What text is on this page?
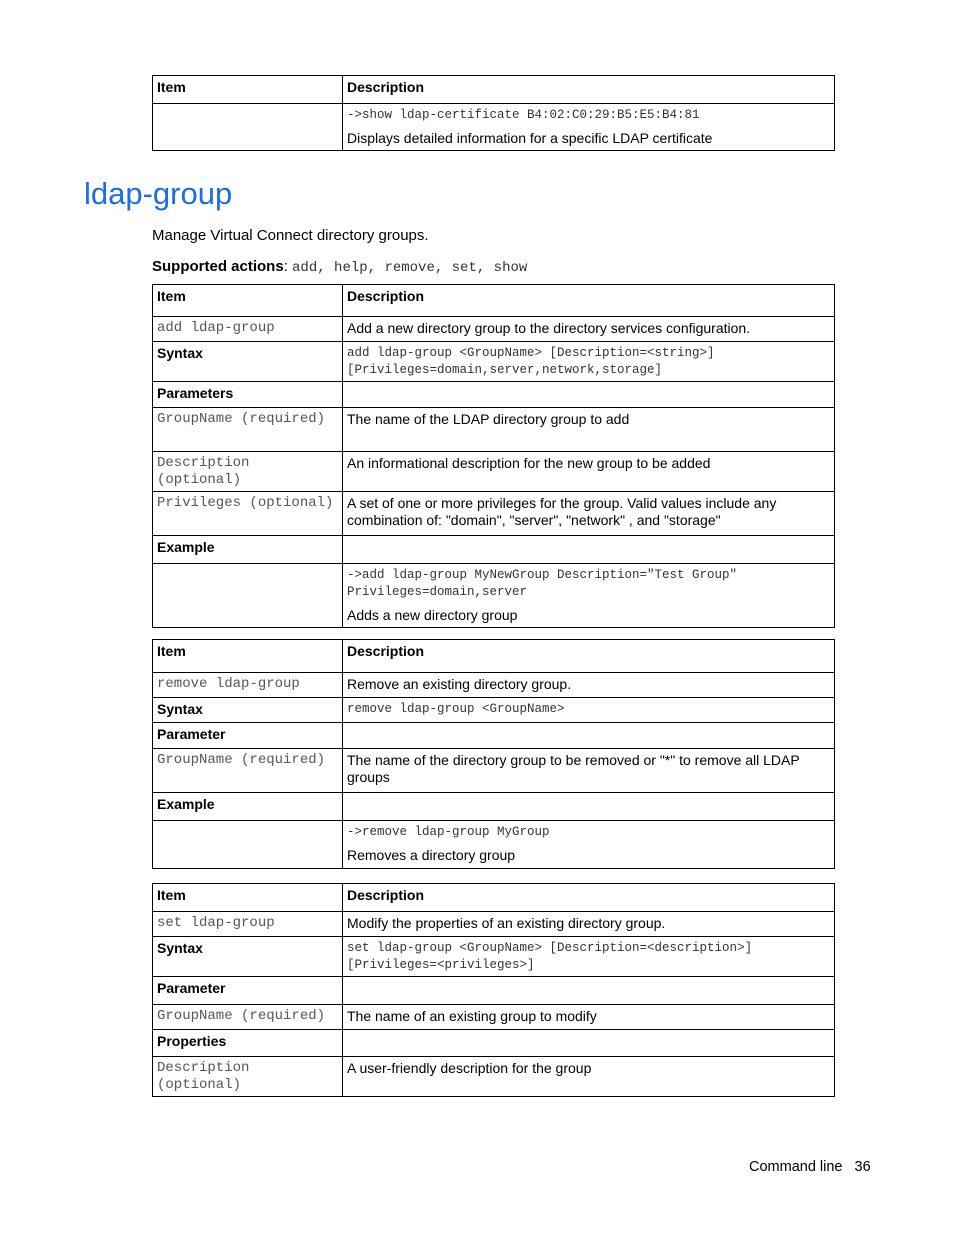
Item	Description

	->show ldap-certificate B4:02:C0:29:B5:E5:B4:81
Displays detailed information for a specific LDAP certificate
ldap-group
Manage Virtual Connect directory groups.
Supported actions: add, help, remove, set, show
Item	Description
add ldap-group	Add a new directory group to the directory services configuration.
Syntax	add ldap-group <GroupName> [Description=<string>]
[Privileges=domain,server,network,storage]

Parameters	
GroupName (required)	The name of the LDAP directory group to add

Description
(optional)	An informational description for the new group to be added
Privileges (optional)	A set of one or more privileges for the group. Valid values include any
combination of: "domain", "server", "network" , and "storage"

Example	

	->add ldap-group MyNewGroup Description="Test Group"
Privileges=domain,server
Adds a new directory group
Item	Description
remove ldap-group	Remove an existing directory group.
Syntax	remove ldap-group <GroupName>

Parameter	
GroupName (required)	The name of the directory group to be removed or "*" to remove all LDAP
groups

Example	

	->remove ldap-group MyGroup
Removes a directory group
Item	Description
set ldap-group	Modify the properties of an existing directory group.
Syntax	set ldap-group <GroupName> [Description=<description>]
[Privileges=<privileges>]

Parameter	
GroupName (required)	The name of an existing group to modify
Properties	

Description
(optional)	A user-friendly description for the group
Command line 36
